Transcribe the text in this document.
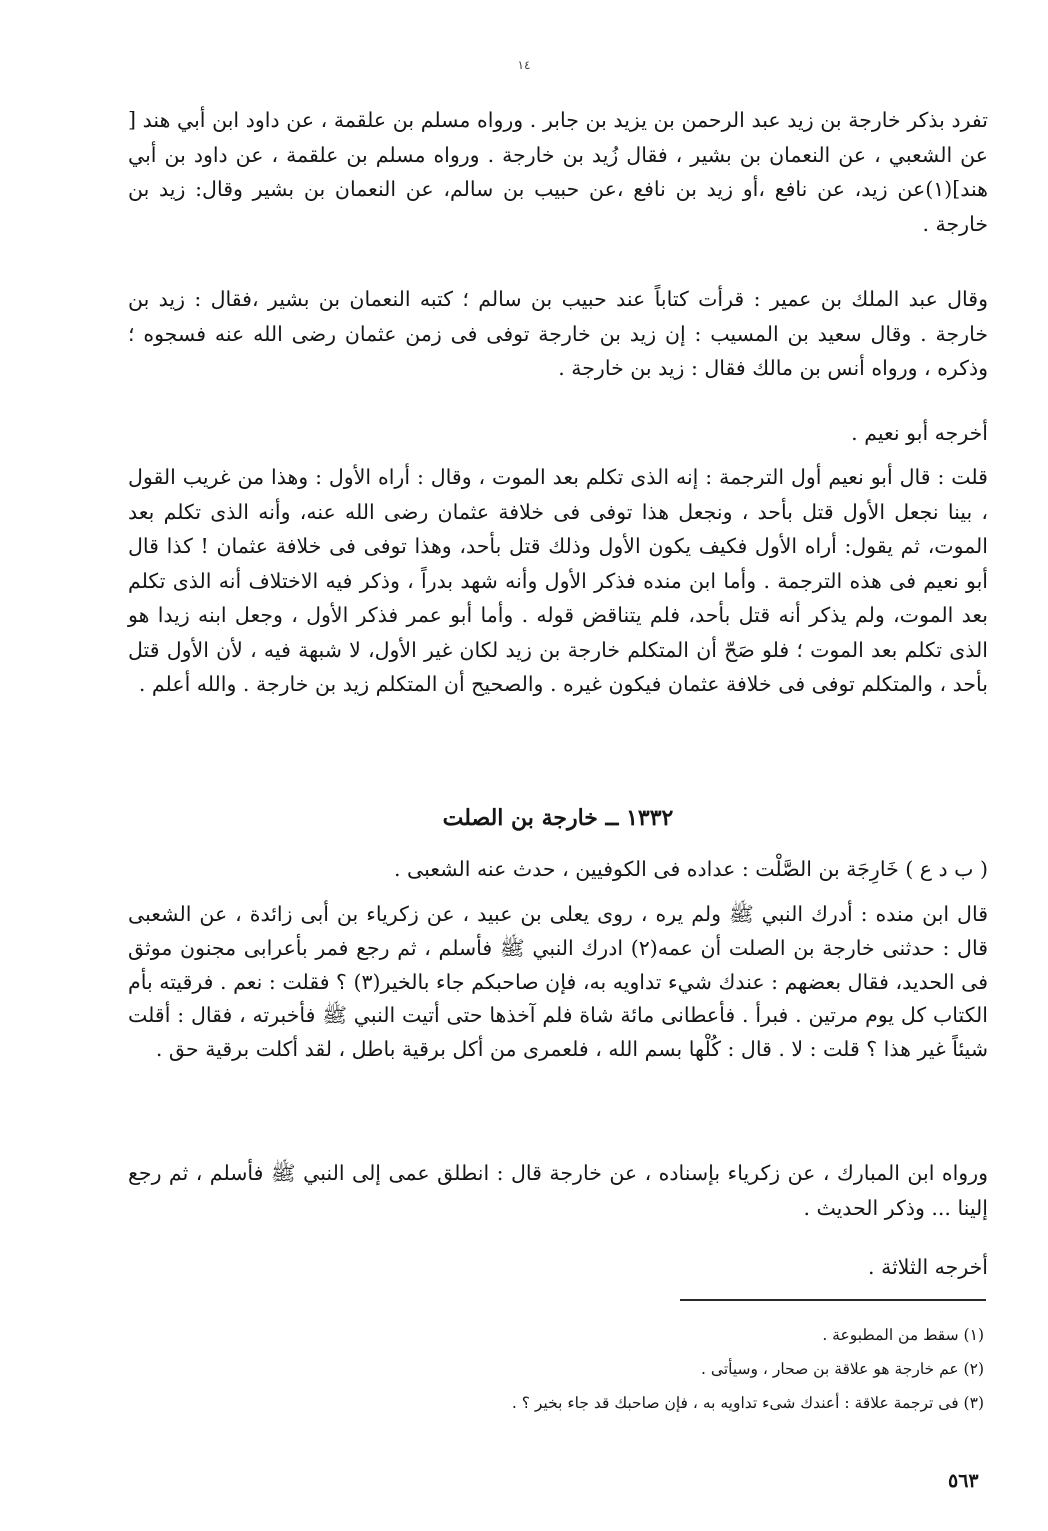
١٤

تفرد بذكر خارجة بن زيد عبد الرحمن بن يزيد بن جابر . ورواه مسلم بن علقمة ، عن داود ابن أبي هند [ عن الشعبي ، عن النعمان بن بشير ، فقال زُيد بن خارجة . ورواه مسلم بن علقمة ، عن داود بن أبي هند](١)عن زيد، عن نافع ،أو زيد بن نافع ،عن حبيب بن سالم، عن النعمان بن بشير وقال: زيد بن خارجة .

وقال عبد الملك بن عمير : قرأت كتاباً عند حبيب بن سالم ؛ كتبه النعمان بن بشير ،فقال : زيد بن خارجة . وقال سعيد بن المسيب : إن زيد بن خارجة توفى فى زمن عثمان رضى الله عنه فسجوه ؛ وذكره ، ورواه أنس بن مالك فقال : زيد بن خارجة .

أخرجه أبو نعيم .

قلت : قال أبو نعيم أول الترجمة : إنه الذى تكلم بعد الموت ، وقال : أراه الأول : وهذا من غريب القول ، بينا نجعل الأول قتل بأحد ، ونجعل هذا توفى فى خلافة عثمان رضى الله عنه، وأنه الذى تكلم بعد الموت، ثم يقول: أراه الأول فكيف يكون الأول وذلك قتل بأحد، وهذا توفى فى خلافة عثمان ! كذا قال أبو نعيم فى هذه الترجمة . وأما ابن منده فذكر الأول وأنه شهد بدراً ، وذكر فيه الاختلاف أنه الذى تكلم بعد الموت، ولم يذكر أنه قتل بأحد، فلم يتناقض قوله . وأما أبو عمر فذكر الأول ، وجعل ابنه زيدا هو الذى تكلم بعد الموت ؛ فلو صَحّ أن المتكلم خارجة بن زيد لكان غير الأول، لا شبهة فيه ، لأن الأول قتل بأحد ، والمتكلم توفى فى خلافة عثمان فيكون غيره . والصحيح أن المتكلم زيد بن خارجة . والله أعلم .

١٣٣٢ ــ خارجة بن الصلت

( ب د ع ) خَارِجَة بن الصَّلْت : عداده فى الكوفيين ، حدث عنه الشعبى .

قال ابن منده : أدرك النبي ﷺ ولم يره ، روى يعلى بن عبيد ، عن زكرياء بن أبى زائدة ، عن الشعبى قال : حدثنى خارجة بن الصلت أن عمه(٢) ادرك النبي ﷺ فأسلم ، ثم رجع فمر بأعرابى مجنون موثق فى الحديد، فقال بعضهم : عندك شيء تداويه به، فإن صاحبكم جاء بالخير(٣) ؟ فقلت : نعم . فرقيته بأم الكتاب كل يوم مرتين . فبرأ . فأعطانى مائة شاة فلم آخذها حتى أتيت النبي ﷺ فأخبرته ، فقال : أقلت شيئاً غير هذا ؟ قلت : لا . قال : كُلْها بسم الله ، فلعمرى من أكل برقية باطل ، لقد أكلت برقية حق .

ورواه ابن المبارك ، عن زكرياء بإسناده ، عن خارجة قال : انطلق عمى إلى النبي ﷺ فأسلم ، ثم رجع إلينا ... وذكر الحديث .

أخرجه الثلاثة .

(١) سقط من المطبوعة .
(٢) عم خارجة هو علاقة بن صحار ، وسيأتى .
(٣) فى ترجمة علاقة : أعندك شىء تداويه به ، فإن صاحبك قد جاء بخير ؟ .
٥٦٣
